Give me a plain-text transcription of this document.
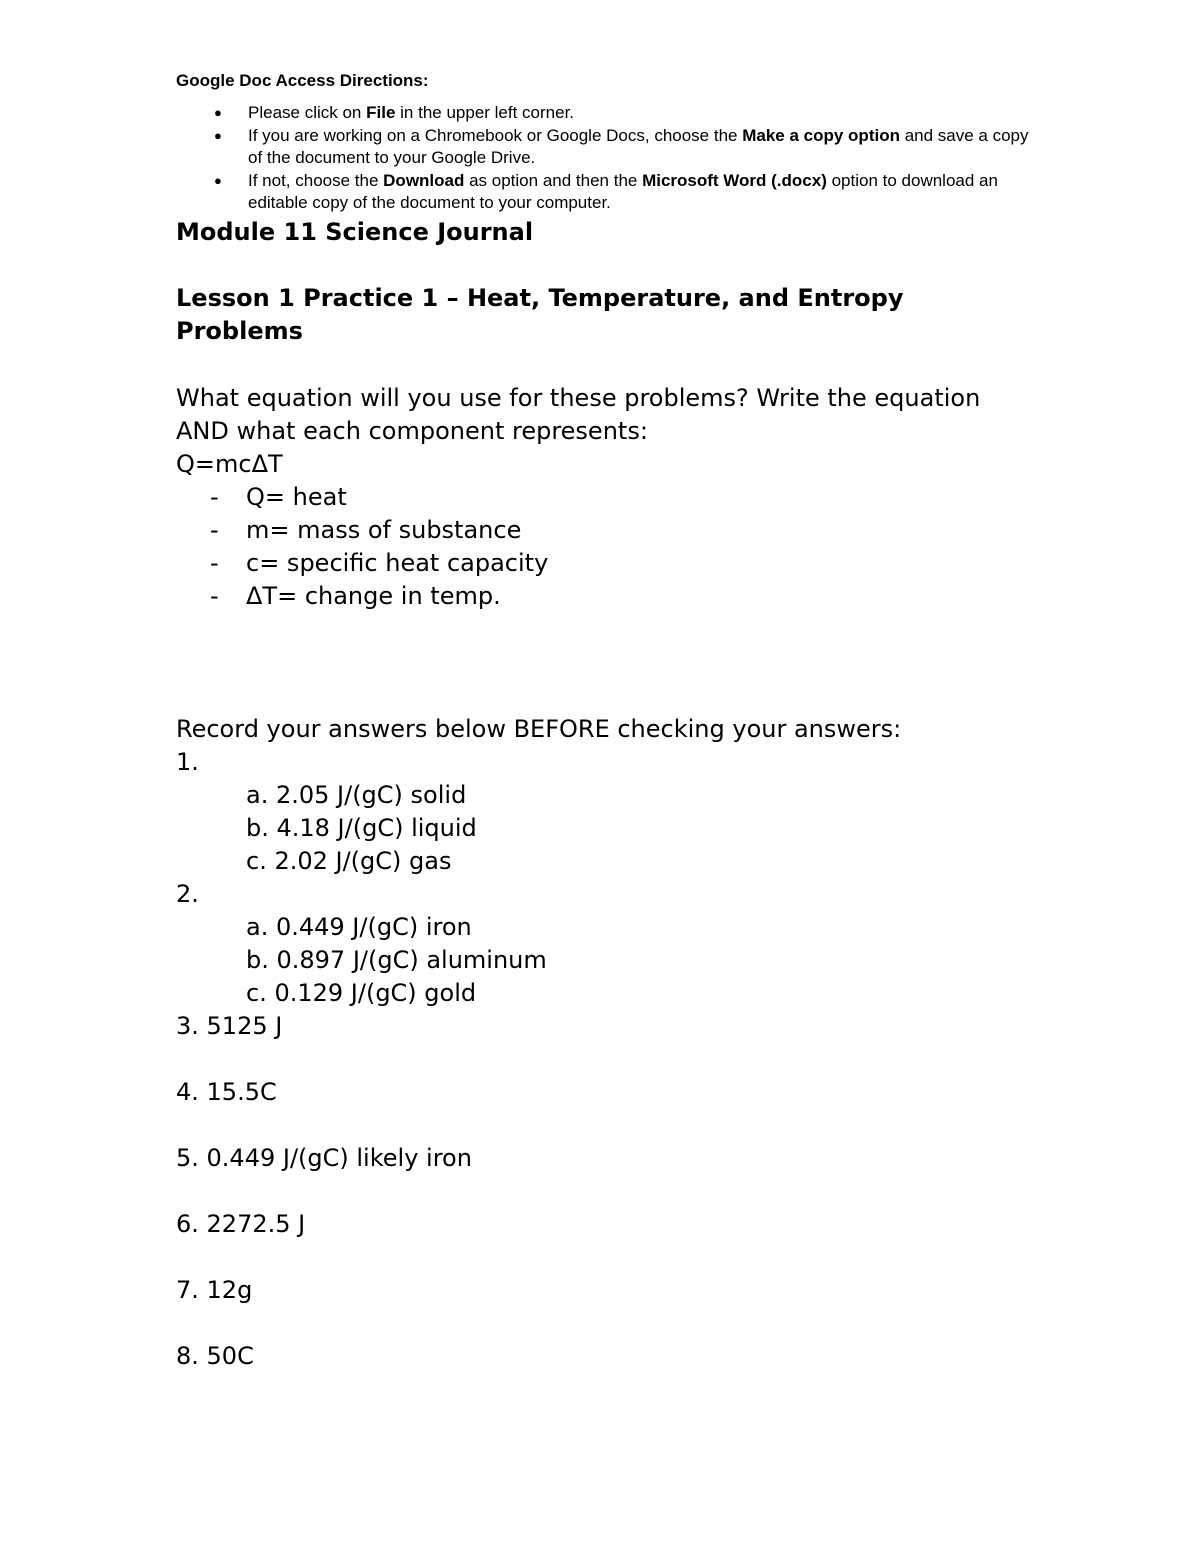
Google Doc Access Directions:
● Please click on File in the upper left corner.
● If you are working on a Chromebook or Google Docs, choose the Make a copy option and save a copy of the document to your Google Drive.
● If not, choose the Download as option and then the Microsoft Word (.docx) option to download an editable copy of the document to your computer.
Module 11 Science Journal
Lesson 1 Practice 1 – Heat, Temperature, and Entropy Problems
What equation will you use for these problems? Write the equation AND what each component represents:
Q=mcΔT
- Q= heat
- m= mass of substance
- c= specific heat capacity
- ΔT= change in temp.
Record your answers below BEFORE checking your answers:
1.
a. 2.05 J/(gC) solid
b. 4.18 J/(gC) liquid
c. 2.02 J/(gC) gas
2.
a. 0.449 J/(gC) iron
b. 0.897 J/(gC) aluminum
c. 0.129 J/(gC) gold
3. 5125 J
4. 15.5C
5. 0.449 J/(gC) likely iron
6. 2272.5 J
7. 12g
8. 50C
